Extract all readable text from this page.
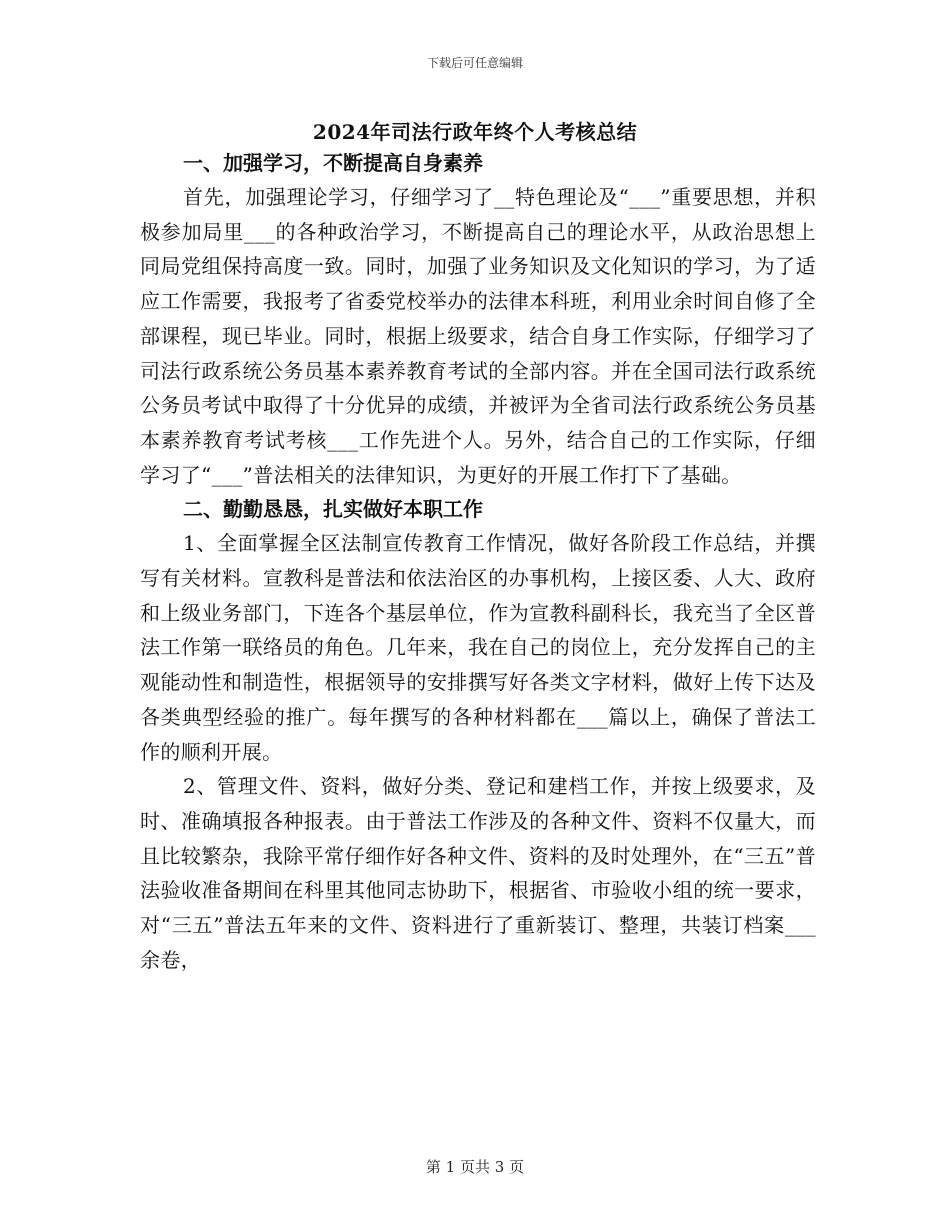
下载后可任意编辑
2024年司法行政年终个人考核总结

一、加强学习，不断提高自身素养

首先，加强理论学习，仔细学习了__特色理论及“___”重要思想，并积极参加局里___的各种政治学习，不断提高自己的理论水平，从政治思想上同局党组保持高度一致。同时，加强了业务知识及文化知识的学习，为了适应工作需要，我报考了省委党校举办的法律本科班，利用业余时间自修了全部课程，现已毕业。同时，根据上级要求，结合自身工作实际，仔细学习了司法行政系统公务员基本素养教育考试的全部内容。并在全国司法行政系统公务员考试中取得了十分优异的成绩，并被评为全省司法行政系统公务员基本素养教育考试考核___工作先进个人。另外，结合自己的工作实际，仔细学习了“___”普法相关的法律知识，为更好的开展工作打下了基础。

二、勤勤恳恳，扎实做好本职工作

1、全面掌握全区法制宣传教育工作情况，做好各阶段工作总结，并撰写有关材料。宣教科是普法和依法治区的办事机构，上接区委、人大、政府和上级业务部门，下连各个基层单位，作为宣教科副科长，我充当了全区普法工作第一联络员的角色。几年来，我在自己的岗位上，充分发挥自己的主观能动性和制造性，根据领导的安排撰写好各类文字材料，做好上传下达及各类典型经验的推广。每年撰写的各种材料都在___篇以上，确保了普法工作的顺利开展。

2、管理文件、资料，做好分类、登记和建档工作，并按上级要求，及时、准确填报各种报表。由于普法工作涉及的各种文件、资料不仅量大，而且比较繁杂，我除平常仔细作好各种文件、资料的及时处理外，在“三五”普法验收准备期间在科里其他同志协助下，根据省、市验收小组的统一要求，对“三五”普法五年来的文件、资料进行了重新装订、整理，共装订档案___余卷，

第 1 页共 3 页
